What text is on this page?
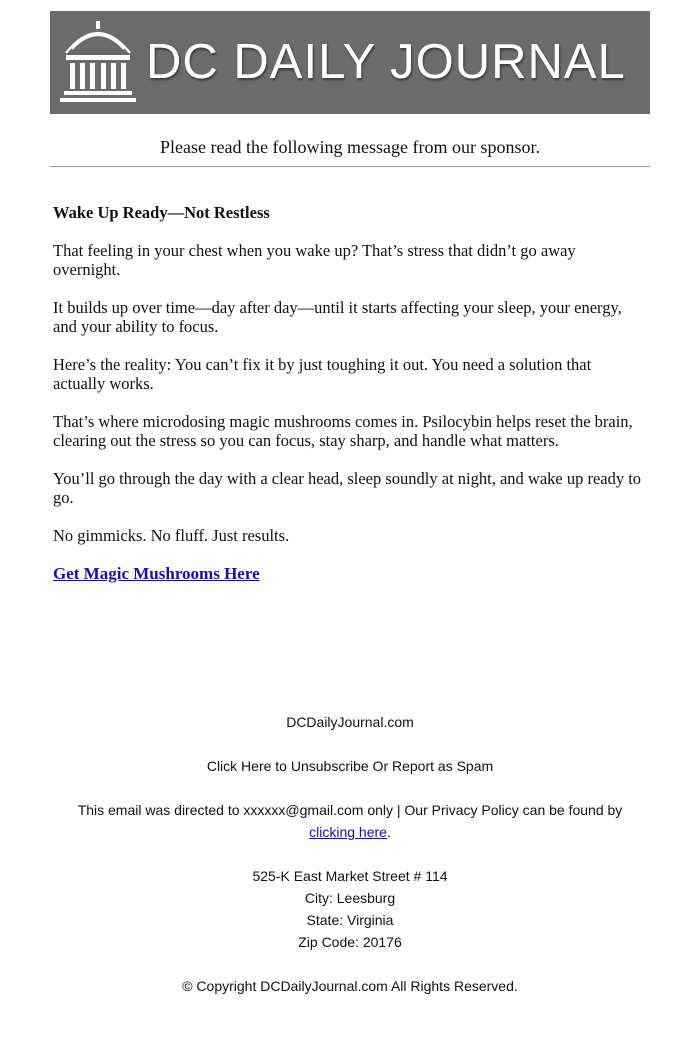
DC DAILY JOURNAL
Please read the following message from our sponsor.
Wake Up Ready—Not Restless

That feeling in your chest when you wake up? That’s stress that didn’t go away overnight.

It builds up over time—day after day—until it starts affecting your sleep, your energy, and your ability to focus.

Here’s the reality: You can’t fix it by just toughing it out. You need a solution that actually works.

That’s where microdosing magic mushrooms comes in. Psilocybin helps reset the brain, clearing out the stress so you can focus, stay sharp, and handle what matters.

You’ll go through the day with a clear head, sleep soundly at night, and wake up ready to go.

No gimmicks. No fluff. Just results.

Get Magic Mushrooms Here
DCDailyJournal.com
Click Here to Unsubscribe Or Report as Spam
This email was directed to xxxxxx@gmail.com only | Our Privacy Policy can be found by
clicking here.
525-K East Market Street # 114
City: Leesburg
State: Virginia
Zip Code: 20176
© Copyright DCDailyJournal.com All Rights Reserved.
